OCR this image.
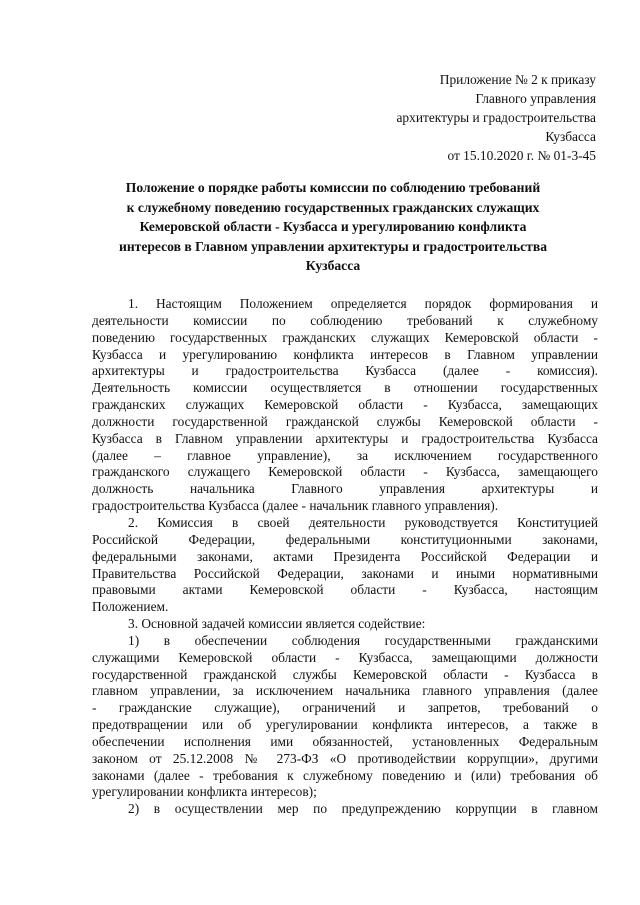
Приложение № 2 к приказу
Главного управления
архитектуры и градостроительства
Кузбасса
от 15.10.2020 г. № 01-3-45
Положение о порядке работы комиссии по соблюдению требований
к служебному поведению государственных гражданских служащих
Кемеровской области - Кузбасса и урегулированию конфликта
интересов в Главном управлении архитектуры и градостроительства
Кузбасса
1. Настоящим Положением определяется порядок формирования и
деятельности комиссии по соблюдению требований к служебному
поведению государственных гражданских служащих Кемеровской области -
Кузбасса и урегулированию конфликта интересов в Главном управлении
архитектуры и градостроительства Кузбасса (далее - комиссия).
Деятельность комиссии осуществляется в отношении государственных
гражданских служащих Кемеровской области - Кузбасса, замещающих
должности государственной гражданской службы Кемеровской области -
Кузбасса в Главном управлении архитектуры и градостроительства Кузбасса
(далее – главное управление), за исключением государственного
гражданского служащего Кемеровской области - Кузбасса, замещающего
должность начальника Главного управления архитектуры и
градостроительства Кузбасса (далее - начальник главного управления).
2. Комиссия в своей деятельности руководствуется Конституцией
Российской Федерации, федеральными конституционными законами,
федеральными законами, актами Президента Российской Федерации и
Правительства Российской Федерации, законами и иными нормативными
правовыми актами Кемеровской области - Кузбасса, настоящим
Положением.
3. Основной задачей комиссии является содействие:
1) в обеспечении соблюдения государственными гражданскими
служащими Кемеровской области - Кузбасса, замещающими должности
государственной гражданской службы Кемеровской области - Кузбасса в
главном управлении, за исключением начальника главного управления (далее
- гражданские служащие), ограничений и запретов, требований о
предотвращении или об урегулировании конфликта интересов, а также в
обеспечении исполнения ими обязанностей, установленных Федеральным
законом от 25.12.2008 № 273-ФЗ «О противодействии коррупции», другими
законами (далее - требования к служебному поведению и (или) требования об
урегулировании конфликта интересов);
2) в осуществлении мер по предупреждению коррупции в главном
